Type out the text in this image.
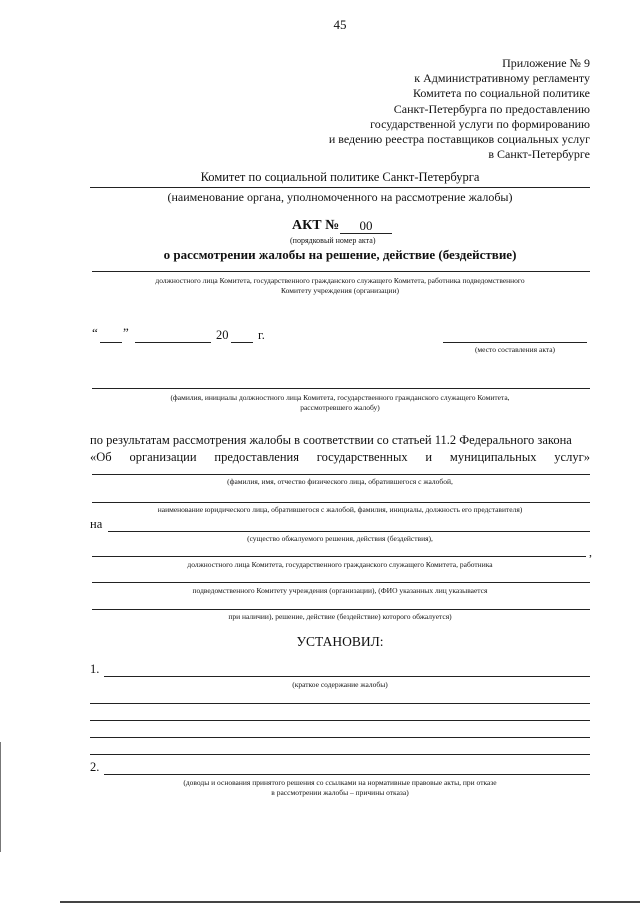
45
Приложение № 9
к Административному регламенту
Комитета по социальной политике
Санкт-Петербурга по предоставлению
государственной услуги по формированию
и ведению реестра поставщиков социальных услуг
в Санкт-Петербурге
Комитет по социальной политике Санкт-Петербурга
(наименование органа, уполномоченного на рассмотрение жалобы)
АКТ №	00
(порядковый номер акта)
о рассмотрении жалобы на решение, действие (бездействие)
должностного лица Комитета, государственного гражданского служащего Комитета, работника подведомственного
Комитету учреждения (организации)
“ ”	20 г.
(место составления акта)
(фамилия, инициалы должностного лица Комитета, государственного гражданского служащего Комитета,
рассмотревшего жалобу)
по результатам рассмотрения жалобы в соответствии со статьей 11.2 Федерального закона
«Об организации предоставления государственных и муниципальных услуг»
(фамилия, имя, отчество физического лица, обратившегося с жалобой,
наименование юридического лица, обратившегося с жалобой, фамилия, инициалы, должность его представителя)
на
(существо обжалуемого решения, действия (бездействия),
,
должностного лица Комитета, государственного гражданского служащего Комитета, работника
подведомственного Комитету учреждения (организации), (ФИО указанных лиц указывается
при наличии), решение, действие (бездействие) которого обжалуется)
УСТАНОВИЛ:
1.
(краткое содержание жалобы)
2.
(доводы и основания принятого решения со ссылками на нормативные правовые акты, при отказе
в рассмотрении жалобы – причины отказа)
